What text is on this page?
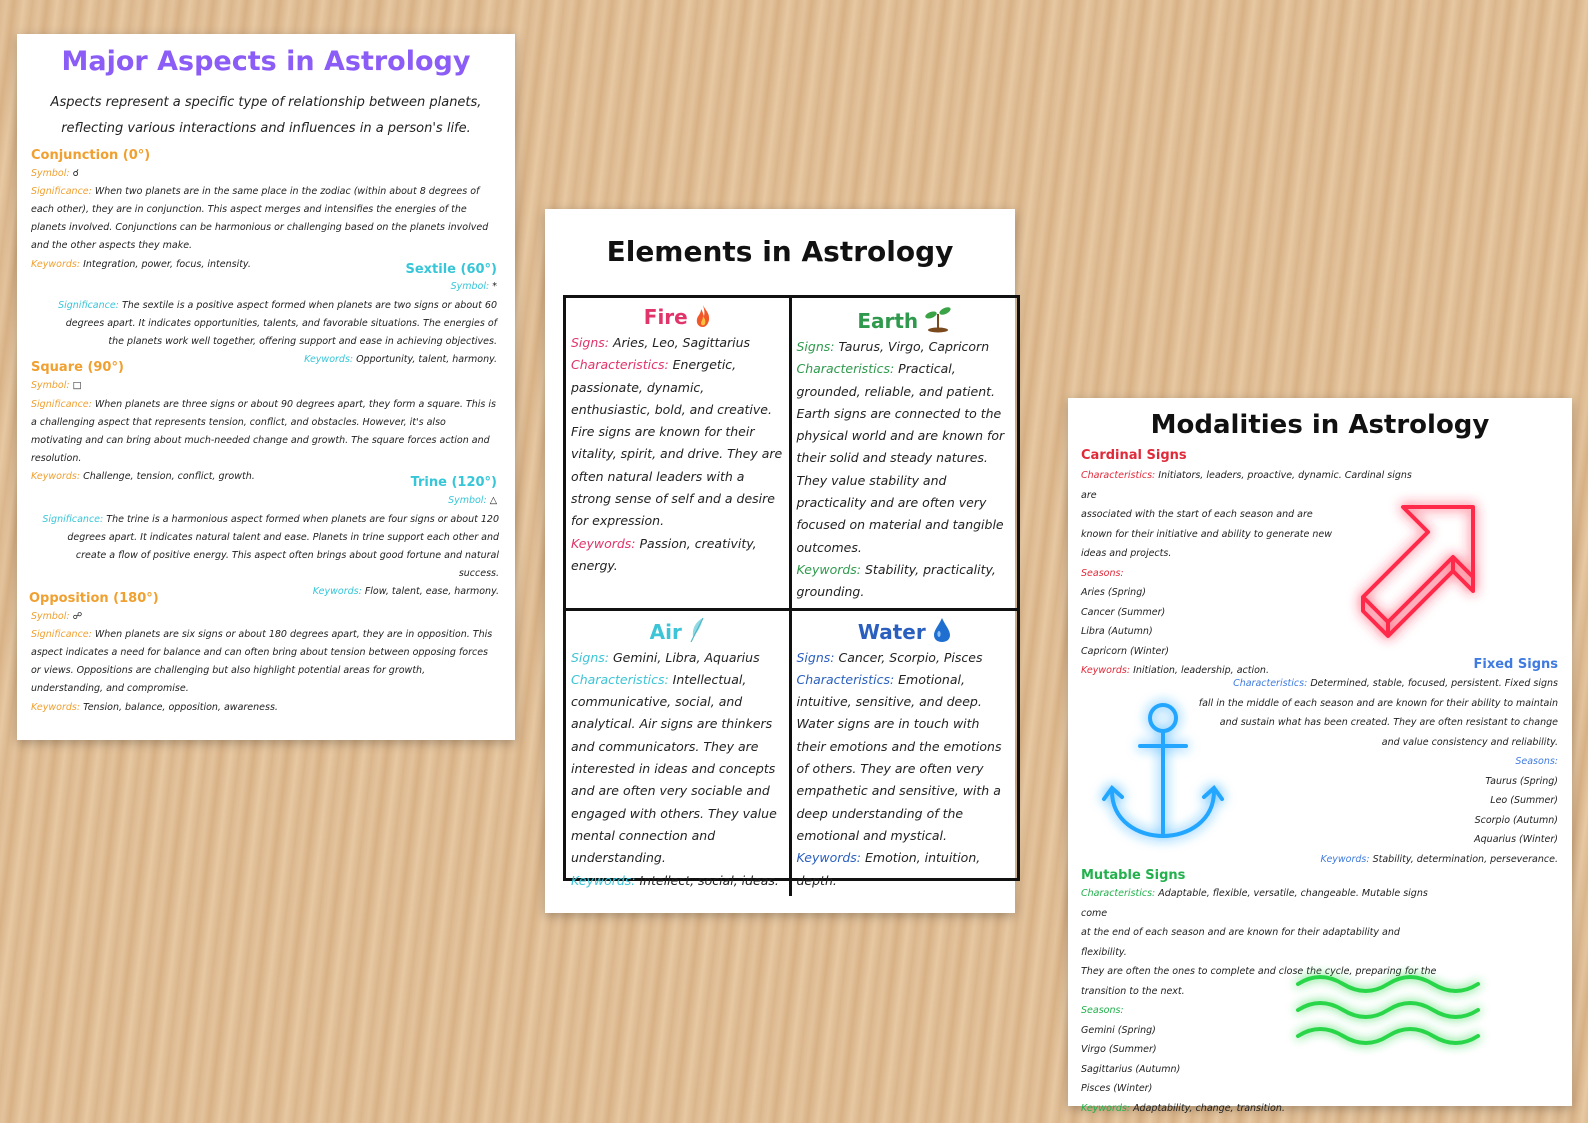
Major Aspects in Astrology
Aspects represent a specific type of relationship between planets,
reflecting various interactions and influences in a person's life.
Conjunction (0°)
Symbol: ☌
Significance: When two planets are in the same place in the zodiac (within about 8 degrees of each other), they are in conjunction. This aspect merges and intensifies the energies of the planets involved. Conjunctions can be harmonious or challenging based on the planets involved and the other aspects they make.
Keywords: Integration, power, focus, intensity.	Sextile (60°)
Symbol: *
Significance: The sextile is a positive aspect formed when planets are two signs or about 60 degrees apart. It indicates opportunities, talents, and favorable situations. The energies of the planets work well together, offering support and ease in achieving objectives.
Keywords: Opportunity, talent, harmony.
Square (90°)
Symbol: □
Significance: When planets are three signs or about 90 degrees apart, they form a square. This is a challenging aspect that represents tension, conflict, and obstacles. However, it's also motivating and can bring about much-needed change and growth. The square forces action and resolution.
Keywords: Challenge, tension, conflict, growth.	Trine (120°)
Symbol: △
Significance: The trine is a harmonious aspect formed when planets are four signs or about 120 degrees apart. It indicates natural talent and ease. Planets in trine support each other and create a flow of positive energy. This aspect often brings about good fortune and natural success.
Keywords: Flow, talent, ease, harmony.
Opposition (180°)
Symbol: ☍
Significance: When planets are six signs or about 180 degrees apart, they are in opposition. This aspect indicates a need for balance and can often bring about tension between opposing forces or views. Oppositions are challenging but also highlight potential areas for growth, understanding, and compromise.
Keywords: Tension, balance, opposition, awareness.
Elements in Astrology
Fire

Signs: Aries, Leo, Sagittarius

Characteristics: Energetic, passionate, dynamic, enthusiastic, bold, and creative.

Fire signs are known for their vitality, spirit, and drive. They are often natural leaders with a strong sense of self and a desire for expression.

Keywords: Passion, creativity, energy.

Earth

Signs: Taurus, Virgo, Capricorn

Characteristics: Practical, grounded, reliable, and patient. Earth signs are connected to the physical world and are known for their solid and steady natures. They value stability and practicality and are often very focused on material and tangible outcomes.

Keywords: Stability, practicality, grounding.

Air

Signs: Gemini, Libra, Aquarius

Characteristics: Intellectual, communicative, social, and analytical. Air signs are thinkers and communicators. They are interested in ideas and concepts and are often very sociable and engaged with others. They value mental connection and understanding.

Keywords: Intellect, social, ideas.

Water

Signs: Cancer, Scorpio, Pisces

Characteristics: Emotional, intuitive, sensitive, and deep. Water signs are in touch with their emotions and the emotions of others. They are often very empathetic and sensitive, with a deep understanding of the emotional and mystical.

Keywords: Emotion, intuition, depth.

Modalities in Astrology
Cardinal Signs
Characteristics: Initiators, leaders, proactive, dynamic. Cardinal signs are
associated with the start of each season and are
known for their initiative and ability to generate new
ideas and projects.
Seasons:
Aries (Spring)
Cancer (Summer)
Libra (Autumn)
Capricorn (Winter)
Keywords: Initiation, leadership, action.	Fixed Signs
Characteristics: Determined, stable, focused, persistent. Fixed signs
fall in the middle of each season and are known for their ability to maintain
and sustain what has been created. They are often resistant to change
and value consistency and reliability.
Seasons:
Taurus (Spring)
Leo (Summer)
Scorpio (Autumn)
Aquarius (Winter)
Keywords: Stability, determination, perseverance.
Mutable Signs
Characteristics: Adaptable, flexible, versatile, changeable. Mutable signs come
at the end of each season and are known for their adaptability and flexibility.
They are often the ones to complete and close the cycle, preparing for the
transition to the next.
Seasons:
Gemini (Spring)
Virgo (Summer)
Sagittarius (Autumn)
Pisces (Winter)
Keywords: Adaptability, change, transition.
